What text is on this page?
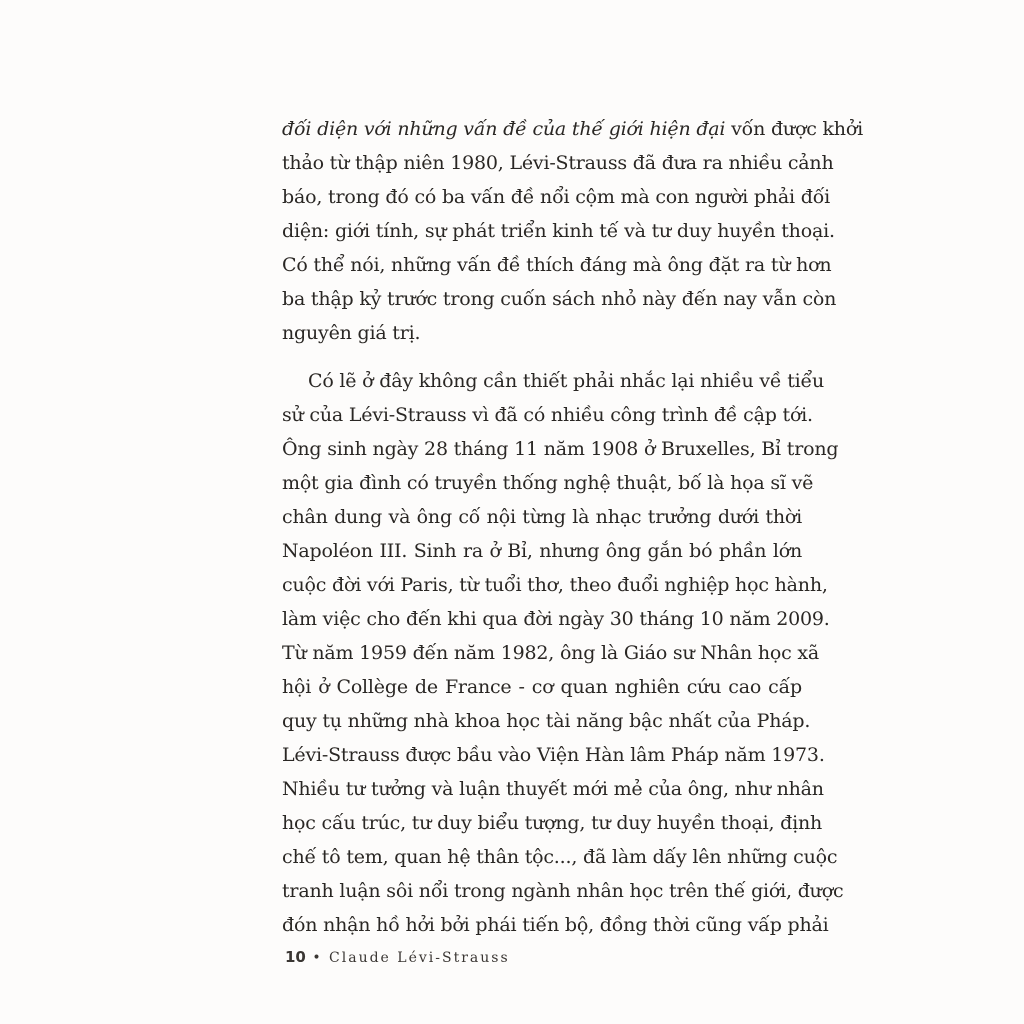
đối diện với những vấn đề của thế giới hiện đại vốn được khởi
thảo từ thập niên 1980, Lévi-Strauss đã đưa ra nhiều cảnh
báo, trong đó có ba vấn đề nổi cộm mà con người phải đối
diện: giới tính, sự phát triển kinh tế và tư duy huyền thoại.
Có thể nói, những vấn đề thích đáng mà ông đặt ra từ hơn
ba thập kỷ trước trong cuốn sách nhỏ này đến nay vẫn còn
nguyên giá trị.
Có lẽ ở đây không cần thiết phải nhắc lại nhiều về tiểu
sử của Lévi-Strauss vì đã có nhiều công trình đề cập tới.
Ông sinh ngày 28 tháng 11 năm 1908 ở Bruxelles, Bỉ trong
một gia đình có truyền thống nghệ thuật, bố là họa sĩ vẽ
chân dung và ông cố nội từng là nhạc trưởng dưới thời
Napoléon III. Sinh ra ở Bỉ, nhưng ông gắn bó phần lớn
cuộc đời với Paris, từ tuổi thơ, theo đuổi nghiệp học hành,
làm việc cho đến khi qua đời ngày 30 tháng 10 năm 2009.
Từ năm 1959 đến năm 1982, ông là Giáo sư Nhân học xã
hội ở Collège de France - cơ quan nghiên cứu cao cấp
quy tụ những nhà khoa học tài năng bậc nhất của Pháp.
Lévi-Strauss được bầu vào Viện Hàn lâm Pháp năm 1973.
Nhiều tư tưởng và luận thuyết mới mẻ của ông, như nhân
học cấu trúc, tư duy biểu tượng, tư duy huyền thoại, định
chế tô tem, quan hệ thân tộc..., đã làm dấy lên những cuộc
tranh luận sôi nổi trong ngành nhân học trên thế giới, được
đón nhận hồ hởi bởi phái tiến bộ, đồng thời cũng vấp phải
10 • Claude Lévi-Strauss
